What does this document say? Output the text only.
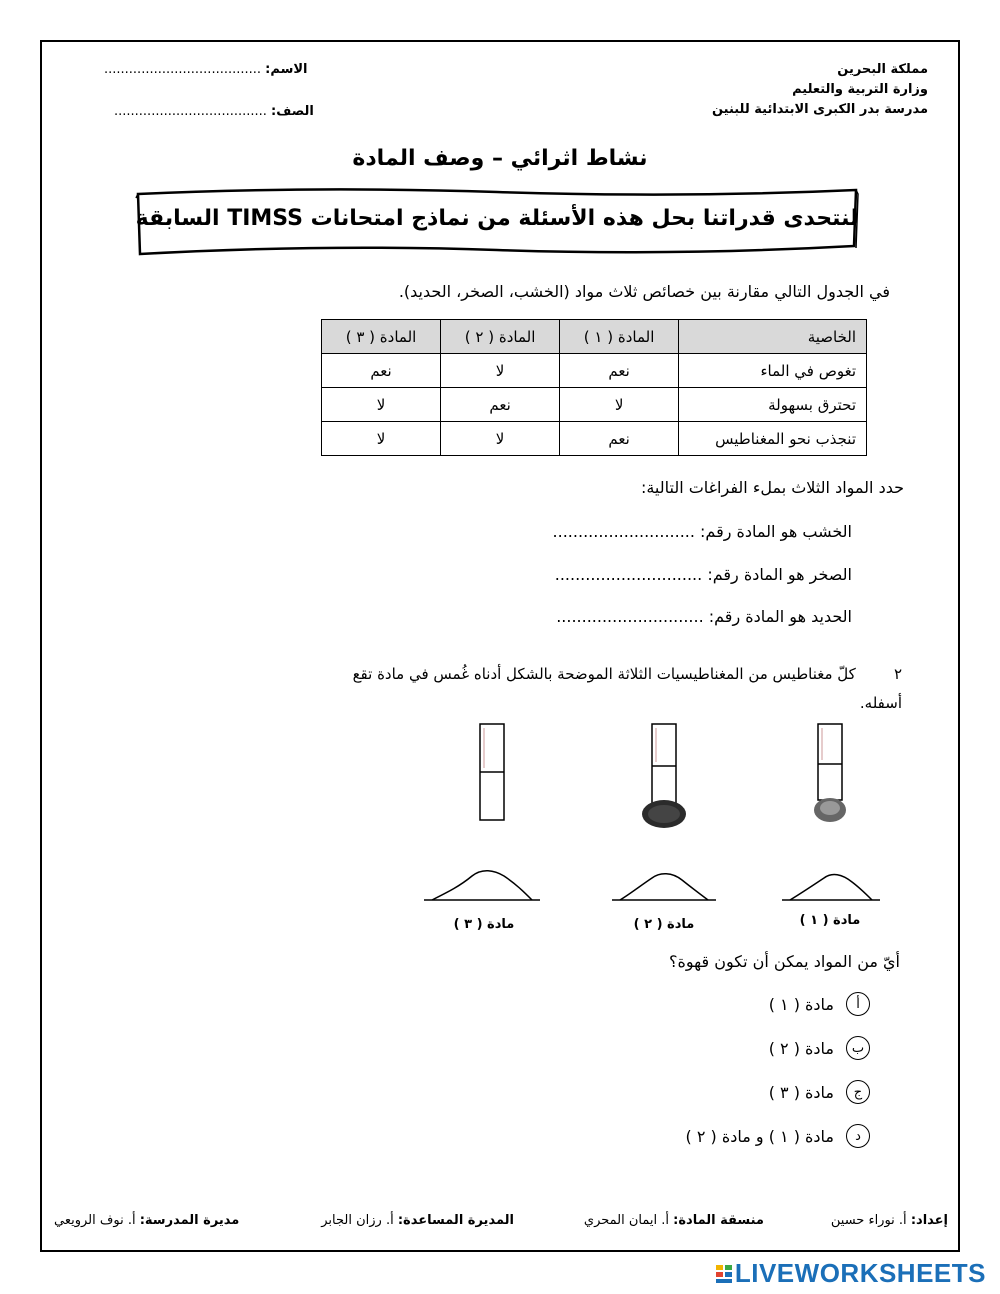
مملكة البحرين
وزارة التربية والتعليم
مدرسة بدر الكبرى الابتدائية للبنين
الاسم: ......................................
الصف: .....................................
نشاط اثرائي – وصف المادة
لنتحدى قدراتنا بحل هذه الأسئلة من نماذج امتحانات TIMSS السابقة
في الجدول التالي مقارنة بين خصائص ثلاث مواد (الخشب، الصخر، الحديد).
الخاصية	المادة ( ١ )	المادة ( ٢ )	المادة ( ٣ )
تغوص في الماء	نعم	لا	نعم
تحترق بسهولة	لا	نعم	لا
تنجذب نحو المغناطيس	نعم	لا	لا
حدد المواد الثلاث بملء الفراغات التالية:
الخشب هو المادة رقم: ............................
الصخر هو المادة رقم: .............................
الحديد هو المادة رقم: .............................
٢        كلّ مغناطيس من المغناطيسيات الثلاثة الموضحة بالشكل أدناه غُمس في مادة تقع
أسفله.
مادة ( ٣ )	مادة ( ٢ )	مادة ( ١ )
أيّ من المواد يمكن أن تكون قهوة؟
أ
مادة ( ١ )
ب
مادة ( ٢ )
ج
مادة ( ٣ )
د
مادة ( ١ ) و مادة ( ٢ )
إعداد: أ. نوراء حسين
منسقة المادة: أ. ايمان المحري
المديرة المساعدة: أ. رزان الجابر
مديرة المدرسة: أ. نوف الرويعي
LIVEWORKSHEETS
